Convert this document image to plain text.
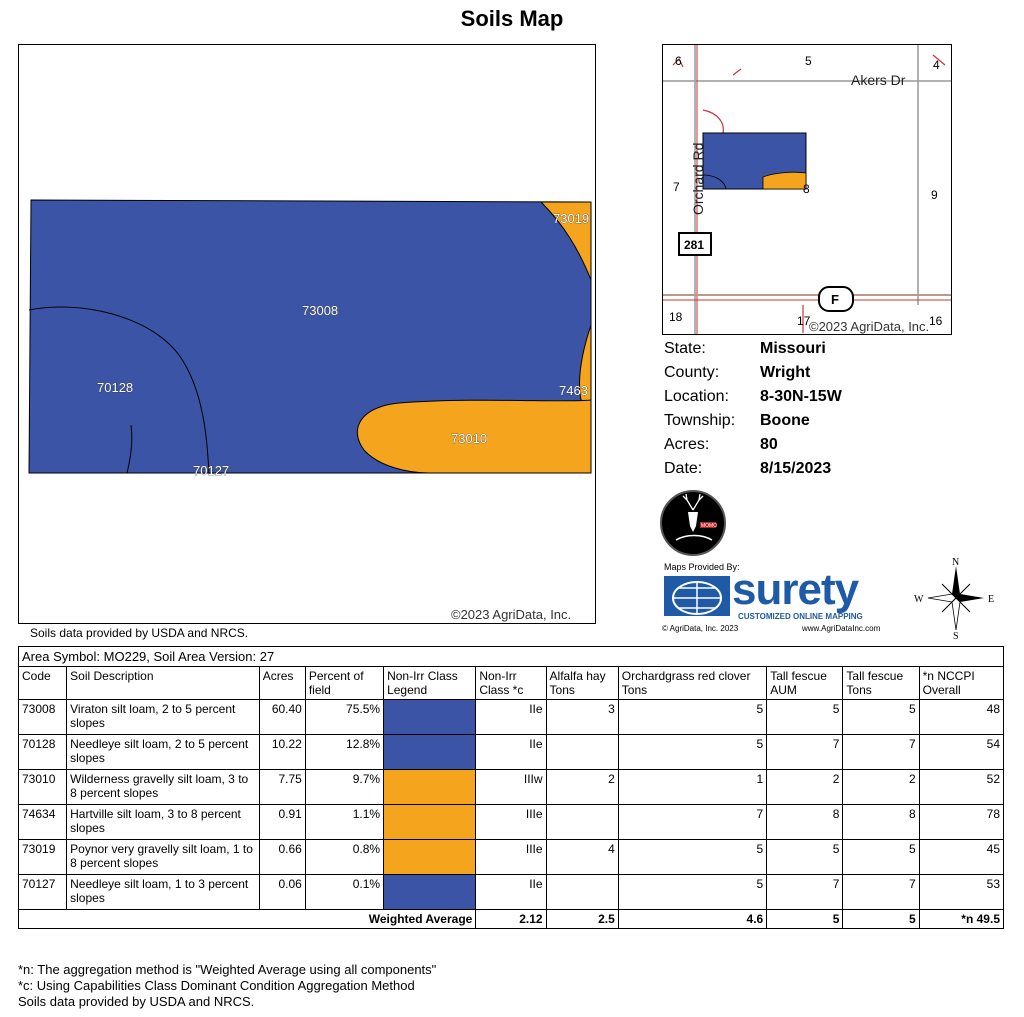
Soils Map
73019
73008
70128	7463
73010
70127
©2023 AgriData, Inc.
6	5	4
Akers Dr
Orchard Rd
7	8	9
281
F
18	17	16
©2023 AgriData, Inc.
State:	Missouri
County:	Wright
Location:	8-30N-15W
Township:	Boone
Acres:	80
Date:	8/15/2023
MOMO
Maps Provided By:
surety
CUSTOMIZED ONLINE MAPPING
© AgriData, Inc. 2023	www.AgriDataInc.com
N
S
W	E
Soils data provided by USDA and NRCS.
Area Symbol: MO229, Soil Area Version: 27										
Code	Soil Description	Acres	Percent of field	Non-Irr Class Legend	Non-Irr Class *c	Alfalfa hay Tons	Orchardgrass red clover Tons	Tall fescue AUM	Tall fescue Tons	*n NCCPI Overall
73008	Viraton silt loam, 2 to 5 percent slopes	60.40	75.5%		IIe	3	5	5	5	48
70128	Needleye silt loam, 2 to 5 percent slopes	10.22	12.8%		IIe		5	7	7	54
73010	Wilderness gravelly silt loam, 3 to 8 percent slopes	7.75	9.7%		IIIw	2	1	2	2	52
74634	Hartville silt loam, 3 to 8 percent slopes	0.91	1.1%		IIIe		7	8	8	78
73019	Poynor very gravelly silt loam, 1 to 8 percent slopes	0.66	0.8%		IIIe	4	5	5	5	45
70127	Needleye silt loam, 1 to 3 percent slopes	0.06	0.1%		IIe		5	7	7	53
Weighted Average					2.12	2.5	4.6	5	5	*n 49.5
*n: The aggregation method is "Weighted Average using all components"
*c: Using Capabilities Class Dominant Condition Aggregation Method
Soils data provided by USDA and NRCS.
